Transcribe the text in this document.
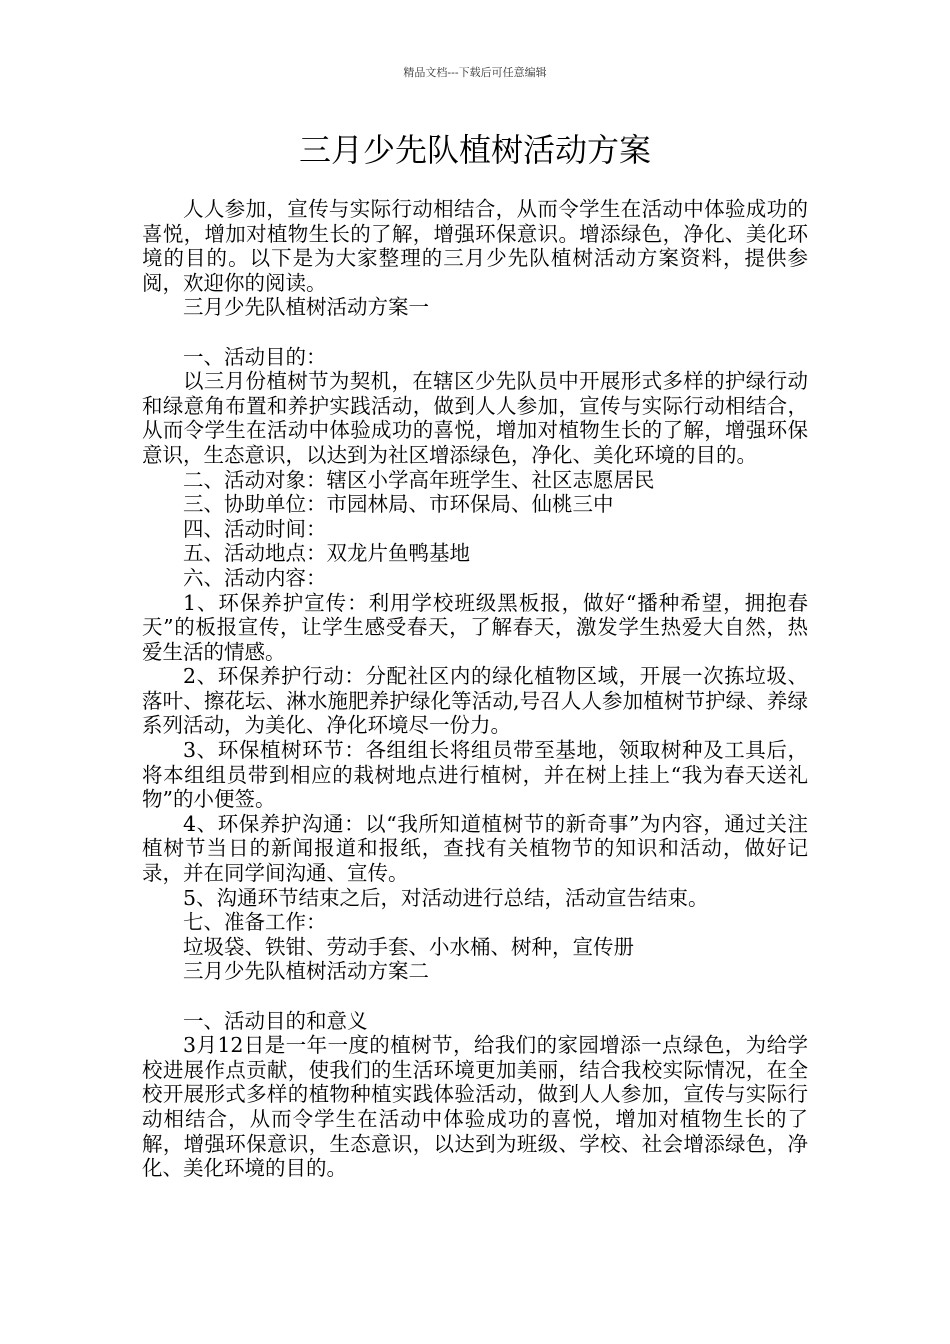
精品文档---下载后可任意编辑
三月少先队植树活动方案

人人参加，宣传与实际行动相结合，从而令学生在活动中体验成功的喜悦，增加对植物生长的了解，增强环保意识。增添绿色，净化、美化环境的目的。以下是为大家整理的三月少先队植树活动方案资料，提供参阅，欢迎你的阅读。

三月少先队植树活动方案一

一、活动目的：

以三月份植树节为契机，在辖区少先队员中开展形式多样的护绿行动和绿意角布置和养护实践活动，做到人人参加，宣传与实际行动相结合，从而令学生在活动中体验成功的喜悦，增加对植物生长的了解，增强环保意识，生态意识，以达到为社区增添绿色，净化、美化环境的目的。

二、活动对象：辖区小学高年班学生、社区志愿居民

三、协助单位：市园林局、市环保局、仙桃三中

四、活动时间：

五、活动地点：双龙片鱼鸭基地

六、活动内容：

1、环保养护宣传：利用学校班级黑板报，做好“播种希望，拥抱春天”的板报宣传，让学生感受春天，了解春天，激发学生热爱大自然，热爱生活的情感。

2、环保养护行动：分配社区内的绿化植物区域，开展一次拣垃圾、落叶、擦花坛、淋水施肥养护绿化等活动,号召人人参加植树节护绿、养绿系列活动，为美化、净化环境尽一份力。

3、环保植树环节：各组组长将组员带至基地，领取树种及工具后，将本组组员带到相应的栽树地点进行植树，并在树上挂上“我为春天送礼物”的小便签。

4、环保养护沟通：以“我所知道植树节的新奇事”为内容，通过关注植树节当日的新闻报道和报纸，查找有关植物节的知识和活动，做好记录，并在同学间沟通、宣传。

5、沟通环节结束之后，对活动进行总结，活动宣告结束。

七、准备工作：

垃圾袋、铁钳、劳动手套、小水桶、树种，宣传册

三月少先队植树活动方案二

一、活动目的和意义

3月12日是一年一度的植树节，给我们的家园增添一点绿色，为给学校进展作点贡献，使我们的生活环境更加美丽，结合我校实际情况，在全校开展形式多样的植物种植实践体验活动，做到人人参加，宣传与实际行动相结合，从而令学生在活动中体验成功的喜悦，增加对植物生长的了解，增强环保意识，生态意识，以达到为班级、学校、社会增添绿色，净化、美化环境的目的。
